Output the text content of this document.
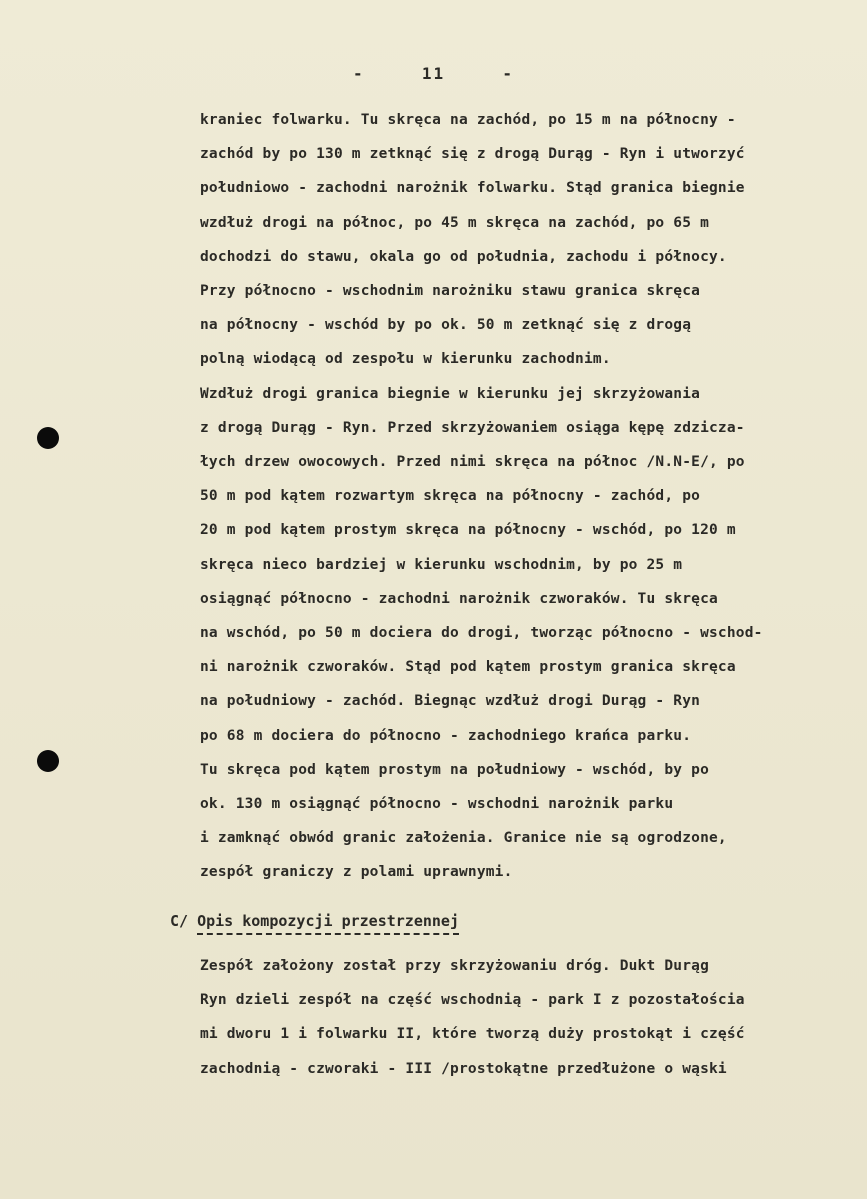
-	11	-
kraniec folwarku. Tu skręca na zachód, po 15 m na północny -
zachód by po 130 m zetknąć się z drogą Durąg - Ryn i utworzyć
południowo - zachodni narożnik folwarku. Stąd granica biegnie
wzdłuż drogi na północ, po 45 m skręca na zachód, po 65 m
dochodzi do stawu, okala go od południa, zachodu i północy.
Przy północno - wschodnim narożniku stawu granica skręca
na północny - wschód by po ok. 50 m zetknąć się z drogą
polną wiodącą od zespołu w kierunku zachodnim.
Wzdłuż drogi granica biegnie w kierunku jej skrzyżowania
z drogą Durąg - Ryn. Przed skrzyżowaniem osiąga kępę zdzicza-
łych drzew owocowych. Przed nimi skręca na północ /N.N-E/, po
50 m pod kątem rozwartym skręca na północny - zachód, po
20 m pod kątem prostym skręca na północny - wschód, po 120 m
skręca nieco bardziej w kierunku wschodnim, by po 25 m
osiągnąć północno - zachodni narożnik czworaków. Tu skręca
na wschód, po 50 m dociera do drogi, tworząc północno - wschod-
ni narożnik czworaków. Stąd pod kątem prostym granica skręca
na południowy - zachód. Biegnąc wzdłuż drogi Durąg - Ryn
po 68 m dociera do północno - zachodniego krańca parku.
Tu skręca pod kątem prostym na południowy - wschód, by po
ok. 130 m osiągnąć północno - wschodni narożnik parku
i zamknąć obwód granic założenia. Granice nie są ogrodzone,
zespół graniczy z polami uprawnymi.
C/ Opis kompozycji przestrzennej
Zespół założony został przy skrzyżowaniu dróg. Dukt Durąg
Ryn dzieli zespół na część wschodnią - park I z pozostałościa
mi dworu 1 i folwarku II, które tworzą duży prostokąt i część
zachodnią - czworaki - III /prostokątne przedłużone o wąski
